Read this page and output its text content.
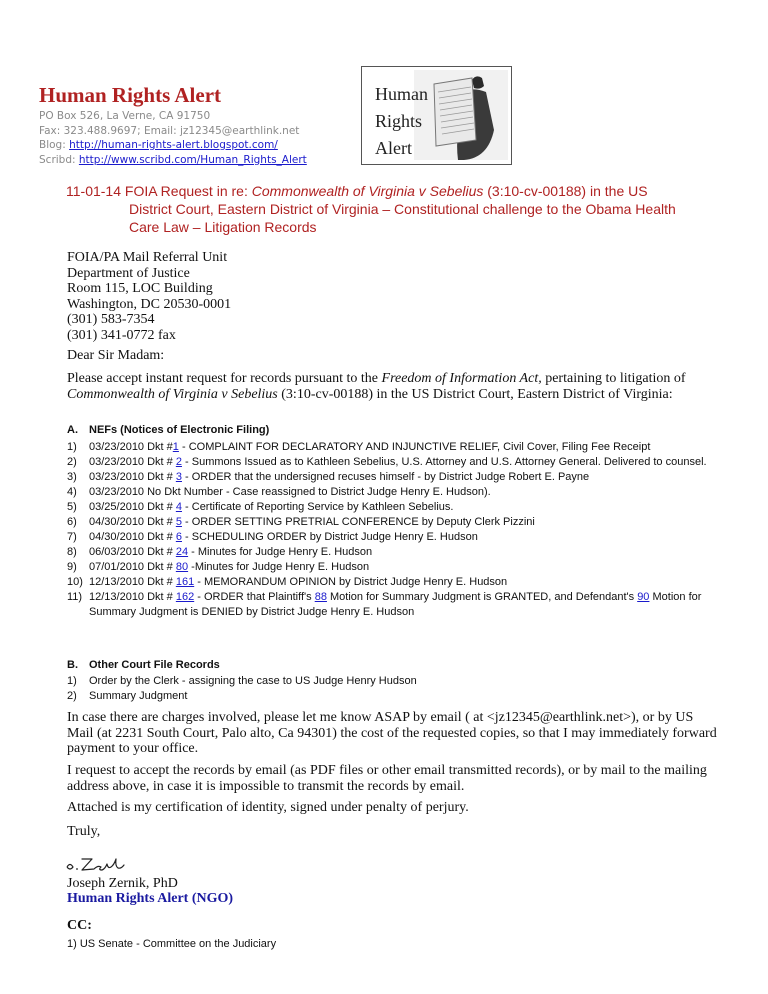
Human Rights Alert
PO Box 526, La Verne, CA 91750
Fax: 323.488.9697; Email: jz12345@earthlink.net
Blog: http://human-rights-alert.blogspot.com/
Scribd: http://www.scribd.com/Human_Rights_Alert
Human
Rights
Alert
11-01-14 FOIA Request in re: Commonwealth of Virginia v Sebelius (3:10-cv-00188) in the US
District Court, Eastern District of Virginia – Constitutional challenge to the Obama Health
Care Law – Litigation Records
FOIA/PA Mail Referral Unit
Department of Justice
Room 115, LOC Building
Washington, DC 20530-0001
(301) 583-7354
(301) 341-0772 fax

Dear Sir Madam:

Please accept instant request for records pursuant to the Freedom of Information Act, pertaining to litigation of Commonwealth of Virginia v Sebelius (3:10-cv-00188) in the US District Court, Eastern District of Virginia:

A. NEFs (Notices of Electronic Filing)
1) 03/23/2010 Dkt #1 - COMPLAINT FOR DECLARATORY AND INJUNCTIVE RELIEF, Civil Cover, Filing Fee Receipt
2) 03/23/2010 Dkt # 2 - Summons Issued as to Kathleen Sebelius, U.S. Attorney and U.S. Attorney General. Delivered to counsel.
3) 03/23/2010 Dkt # 3 - ORDER that the undersigned recuses himself - by District Judge Robert E. Payne
4) 03/23/2010 No Dkt Number - Case reassigned to District Judge Henry E. Hudson).
5) 03/25/2010 Dkt # 4 - Certificate of Reporting Service by Kathleen Sebelius.
6) 04/30/2010 Dkt # 5 - ORDER SETTING PRETRIAL CONFERENCE by Deputy Clerk Pizzini
7) 04/30/2010 Dkt # 6 - SCHEDULING ORDER by District Judge Henry E. Hudson
8) 06/03/2010 Dkt # 24 - Minutes for Judge Henry E. Hudson
9) 07/01/2010 Dkt # 80 -Minutes for Judge Henry E. Hudson
10) 12/13/2010 Dkt # 161 - MEMORANDUM OPINION by District Judge Henry E. Hudson
11) 12/13/2010 Dkt # 162 - ORDER that Plaintiff's 88 Motion for Summary Judgment is GRANTED, and Defendant's 90 Motion for Summary Judgment is DENIED by District Judge Henry E. Hudson
B. Other Court File Records
1) Order by the Clerk - assigning the case to US Judge Henry Hudson
2) Summary Judgment

In case there are charges involved, please let me know ASAP by email ( at <jz12345@earthlink.net>), or by US Mail (at 2231 South Court, Palo alto, Ca 94301) the cost of the requested copies, so that I may immediately forward payment to your office.

I request to accept the records by email (as PDF files or other email transmitted records), or by mail to the mailing address above, in case it is impossible to transmit the records by email.

Attached is my certification of identity, signed under penalty of perjury.

Truly,

Joseph Zernik, PhD
Human Rights Alert (NGO)
CC:
1) US Senate - Committee on the Judiciary
